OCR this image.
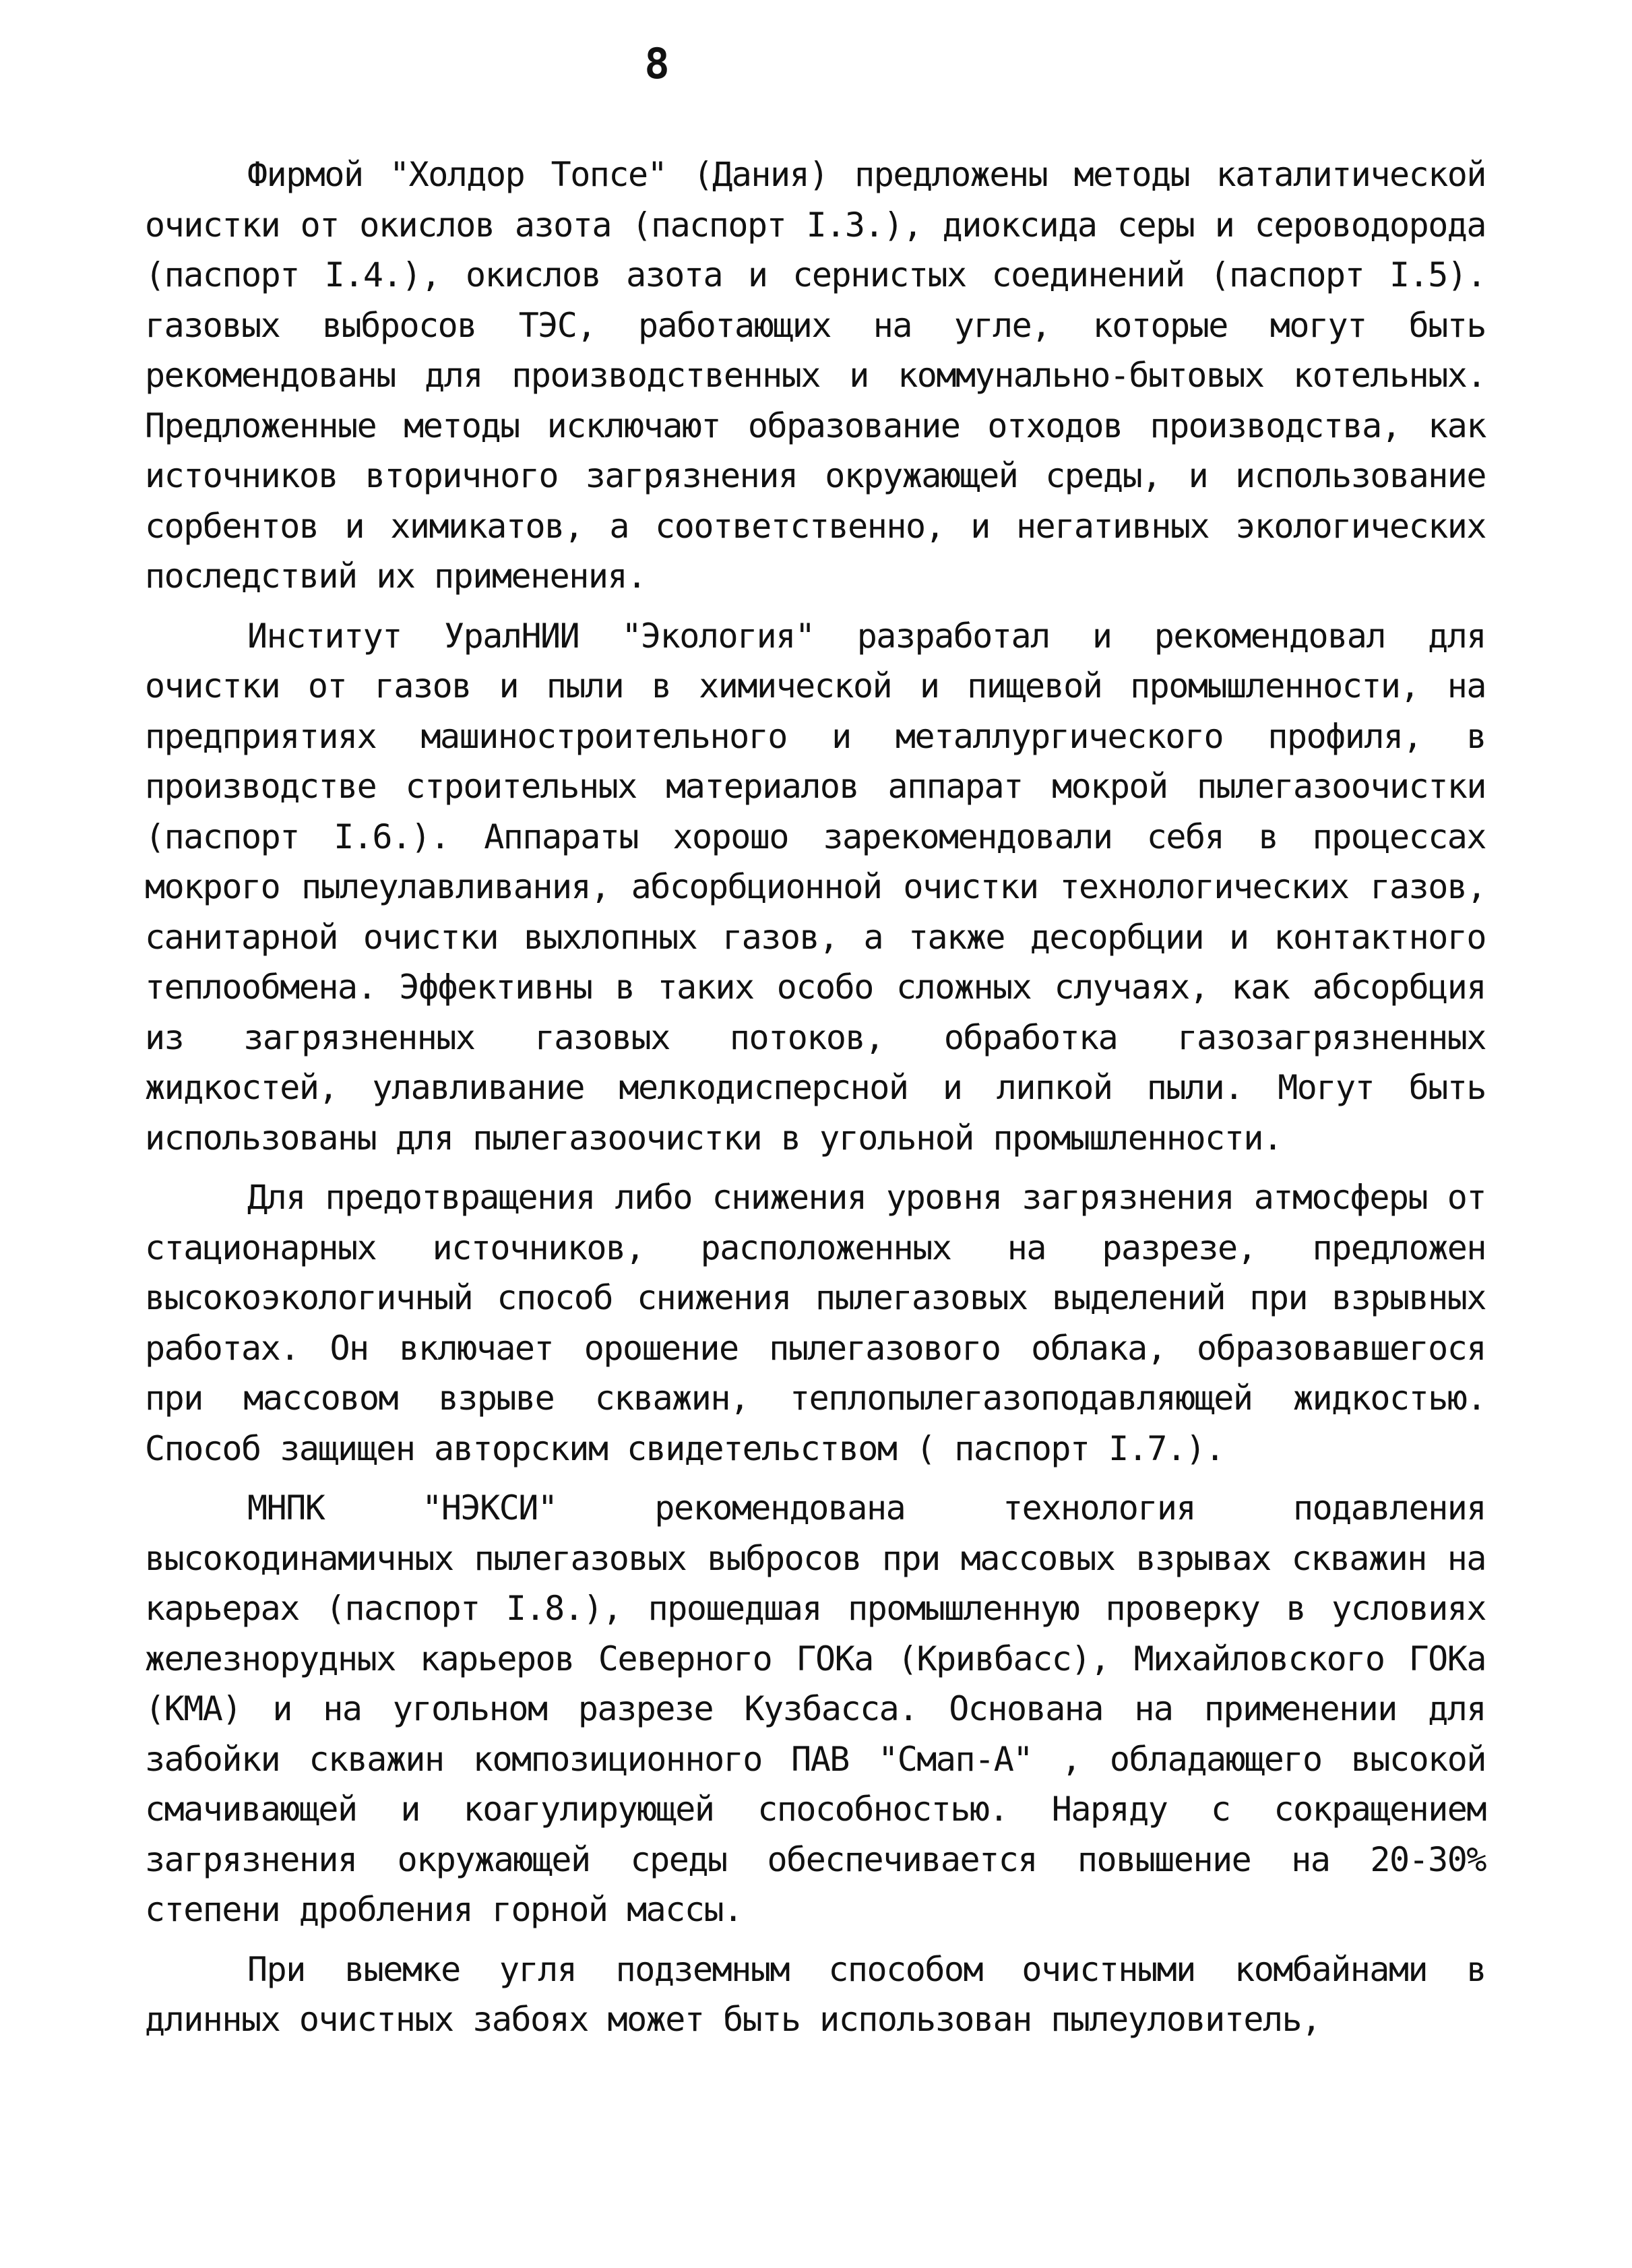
8

Фирмой "Холдор Топсе" (Дания) предложены методы каталитической очистки от окислов азота (паспорт I.3.), диоксида серы и сероводорода (паспорт I.4.), окислов азота и сернистых соединений (паспорт I.5). газовых выбросов ТЭС, работающих на угле, которые могут быть рекомендованы для производственных и коммунально-бытовых котельных. Предложенные методы исключают образование отходов производства, как источников вторичного загрязнения окружающей среды, и использование сорбентов и химикатов, а соответственно, и негативных экологических последствий их применения.

Институт УралНИИ "Экология" разработал и рекомендовал для очистки от газов и пыли в химической и пищевой промышленности, на предприятиях машиностроительного и металлургического профиля, в производстве строительных материалов аппарат мокрой пылегазоочистки (паспорт I.6.). Аппараты хорошо зарекомендовали себя в процессах мокрого пылеулавливания, абсорбционной очистки технологических газов, санитарной очистки выхлопных газов, а также десорбции и контактного теплообмена. Эффективны в таких особо сложных случаях, как абсорбция из загрязненных газовых потоков, обработка газозагрязненных жидкостей, улавливание мелкодисперсной и липкой пыли. Могут быть использованы для пылегазоочистки в угольной промышленности.

Для предотвращения либо снижения уровня загрязнения атмосферы от стационарных источников, расположенных на разрезе, предложен высокоэкологичный способ снижения пылегазовых выделений при взрывных работах. Он включает орошение пылегазового облака, образовавшегося при массовом взрыве скважин, теплопылегазоподавляющей жидкостью. Способ защищен авторским свидетельством ( паспорт I.7.).

МНПК "НЭКСИ" рекомендована технология подавления высокодинамичных пылегазовых выбросов при массовых взрывах скважин на карьерах (паспорт I.8.), прошедшая промышленную проверку в условиях железнорудных карьеров Северного ГОКа (Кривбасс), Михайловского ГОКа (КМА) и на угольном разрезе Кузбасса. Основана на применении для забойки скважин композиционного ПАВ "Смап-А" , обладающего высокой смачивающей и коагулирующей способностью. Наряду с сокращением загрязнения окружающей среды обеспечивается повышение на 20-30% степени дробления горной массы.

При выемке угля подземным способом очистными комбайнами в длинных очистных забоях может быть использован пылеуловитель,
